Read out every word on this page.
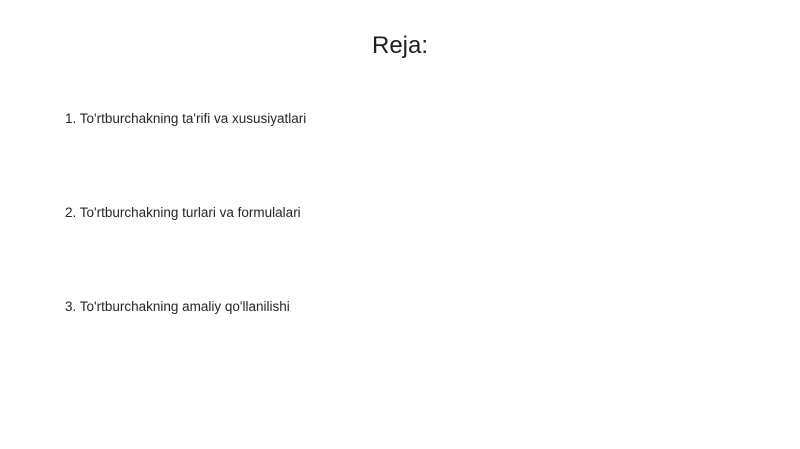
Reja:
1. To'rtburchakning ta'rifi va xususiyatlari
2. To'rtburchakning turlari va formulalari
3. To'rtburchakning amaliy qo'llanilishi
